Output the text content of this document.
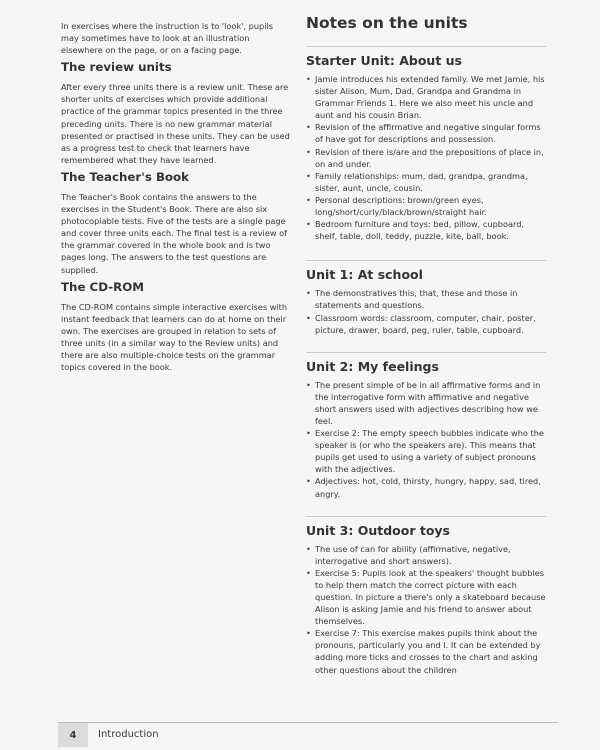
In exercises where the instruction is to 'look', pupils may sometimes have to look at an illustration elsewhere on the page, or on a facing page.

The review units

After every three units there is a review unit. These are shorter units of exercises which provide additional practice of the grammar topics presented in the three preceding units. There is no new grammar material presented or practised in these units. They can be used as a progress test to check that learners have remembered what they have learned.

The Teacher's Book

The Teacher's Book contains the answers to the exercises in the Student's Book. There are also six photocopiable tests. Five of the tests are a single page and cover three units each. The final test is a review of the grammar covered in the whole book and is two pages long. The answers to the test questions are supplied.

The CD-ROM

The CD-ROM contains simple interactive exercises with instant feedback that learners can do at home on their own. The exercises are grouped in relation to sets of three units (in a similar way to the Review units) and there are also multiple-choice tests on the grammar topics covered in the book.

Notes on the units
Starter Unit: About us
• Jamie introduces his extended family. We met Jamie, his sister Alison, Mum, Dad, Grandpa and Grandma in Grammar Friends 1. Here we also meet his uncle and aunt and his cousin Brian.
• Revision of the affirmative and negative singular forms of have got for descriptions and possession.
• Revision of there is/are and the prepositions of place in, on and under.
• Family relationships: mum, dad, grandpa, grandma, sister, aunt, uncle, cousin.
• Personal descriptions: brown/green eyes, long/short/curly/black/brown/straight hair.
• Bedroom furniture and toys: bed, pillow, cupboard, shelf, table, doll, teddy, puzzle, kite, ball, book.
Unit 1: At school
• The demonstratives this, that, these and those in statements and questions.
• Classroom words: classroom, computer, chair, poster, picture, drawer, board, peg, ruler, table, cupboard.
Unit 2: My feelings
• The present simple of be in all affirmative forms and in the interrogative form with affirmative and negative short answers used with adjectives describing how we feel.
• Exercise 2: The empty speech bubbles indicate who the speaker is (or who the speakers are). This means that pupils get used to using a variety of subject pronouns with the adjectives.
• Adjectives: hot, cold, thirsty, hungry, happy, sad, tired, angry.
Unit 3: Outdoor toys
• The use of can for ability (affirmative, negative, interrogative and short answers).
• Exercise 5: Pupils look at the speakers' thought bubbles to help them match the correct picture with each question. In picture a there's only a skateboard because Alison is asking Jamie and his friend to answer about themselves.
• Exercise 7: This exercise makes pupils think about the pronouns, particularly you and I. It can be extended by adding more ticks and crosses to the chart and asking other questions about the children
4	Introduction
